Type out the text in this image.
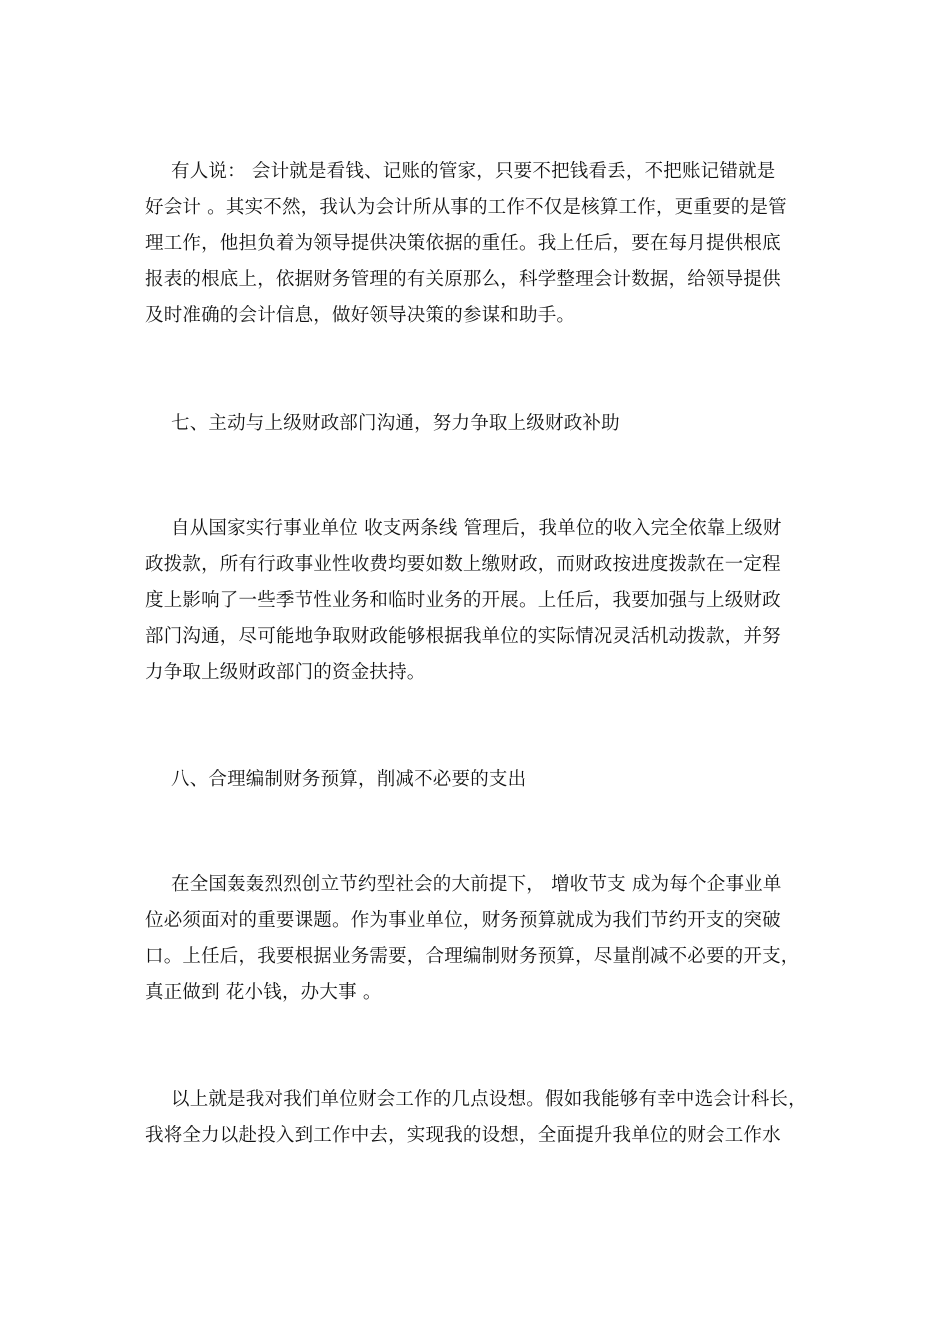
有人说： 会计就是看钱、记账的管家，只要不把钱看丢，不把账记错就是
好会计 。其实不然，我认为会计所从事的工作不仅是核算工作，更重要的是管
理工作，他担负着为领导提供决策依据的重任。我上任后，要在每月提供根底
报表的根底上，依据财务管理的有关原那么，科学整理会计数据，给领导提供
及时准确的会计信息，做好领导决策的参谋和助手。
七、主动与上级财政部门沟通，努力争取上级财政补助
自从国家实行事业单位 收支两条线 管理后，我单位的收入完全依靠上级财
政拨款，所有行政事业性收费均要如数上缴财政，而财政按进度拨款在一定程
度上影响了一些季节性业务和临时业务的开展。上任后，我要加强与上级财政
部门沟通，尽可能地争取财政能够根据我单位的实际情况灵活机动拨款，并努
力争取上级财政部门的资金扶持。
八、合理编制财务预算，削减不必要的支出
在全国轰轰烈烈创立节约型社会的大前提下， 增收节支 成为每个企事业单
位必须面对的重要课题。作为事业单位，财务预算就成为我们节约开支的突破
口。上任后，我要根据业务需要，合理编制财务预算，尽量削减不必要的开支，
真正做到 花小钱，办大事 。
以上就是我对我们单位财会工作的几点设想。假如我能够有幸中选会计科长，
我将全力以赴投入到工作中去，实现我的设想，全面提升我单位的财会工作水
